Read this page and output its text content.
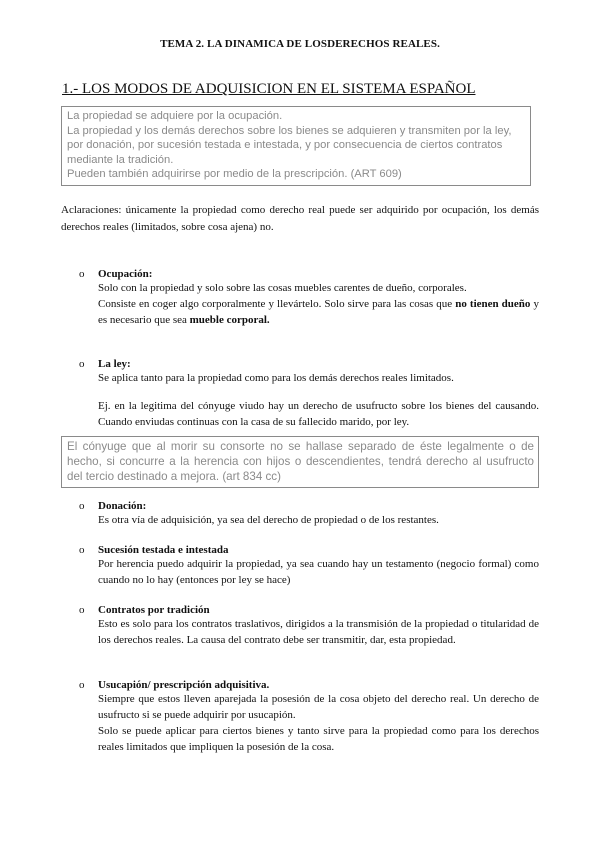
TEMA 2. LA DINAMICA DE LOSDERECHOS REALES.
1.- LOS MODOS DE ADQUISICION EN EL SISTEMA ESPAÑOL
La propiedad se adquiere por la ocupación.
La propiedad y los demás derechos sobre los bienes se adquieren y transmiten por la ley, por donación, por sucesión testada e intestada, y por consecuencia de ciertos contratos mediante la tradición.
Pueden también adquirirse por medio de la prescripción. (ART 609)
Aclaraciones: únicamente la propiedad como derecho real puede ser adquirido por ocupación, los demás derechos reales (limitados, sobre cosa ajena) no.
o Ocupación:

Solo con la propiedad y solo sobre las cosas muebles carentes de dueño, corporales.

Consiste en coger algo corporalmente y llevártelo. Solo sirve para las cosas que no tienen dueño y es necesario que sea mueble corporal.

o La ley:

Se aplica tanto para la propiedad como para los demás derechos reales limitados.

Ej. en la legitima del cónyuge viudo hay un derecho de usufructo sobre los bienes del causando. Cuando enviudas continuas con la casa de su fallecido marido, por ley.

El cónyuge que al morir su consorte no se hallase separado de éste legalmente o de hecho, si concurre a la herencia con hijos o descendientes, tendrá derecho al usufructo del tercio destinado a mejora. (art 834 cc)
o Donación:

Es otra vía de adquisición, ya sea del derecho de propiedad o de los restantes.

o Sucesión testada e intestada

Por herencia puedo adquirir la propiedad, ya sea cuando hay un testamento (negocio formal) como cuando no lo hay (entonces por ley se hace)

o Contratos por tradición

Esto es solo para los contratos traslativos, dirigidos a la transmisión de la propiedad o titularidad de los derechos reales. La causa del contrato debe ser transmitir, dar, esta propiedad.

o Usucapión/ prescripción adquisitiva.

Siempre que estos lleven aparejada la posesión de la cosa objeto del derecho real. Un derecho de usufructo si se puede adquirir por usucapión.

Solo se puede aplicar para ciertos bienes y tanto sirve para la propiedad como para los derechos reales limitados que impliquen la posesión de la cosa.
